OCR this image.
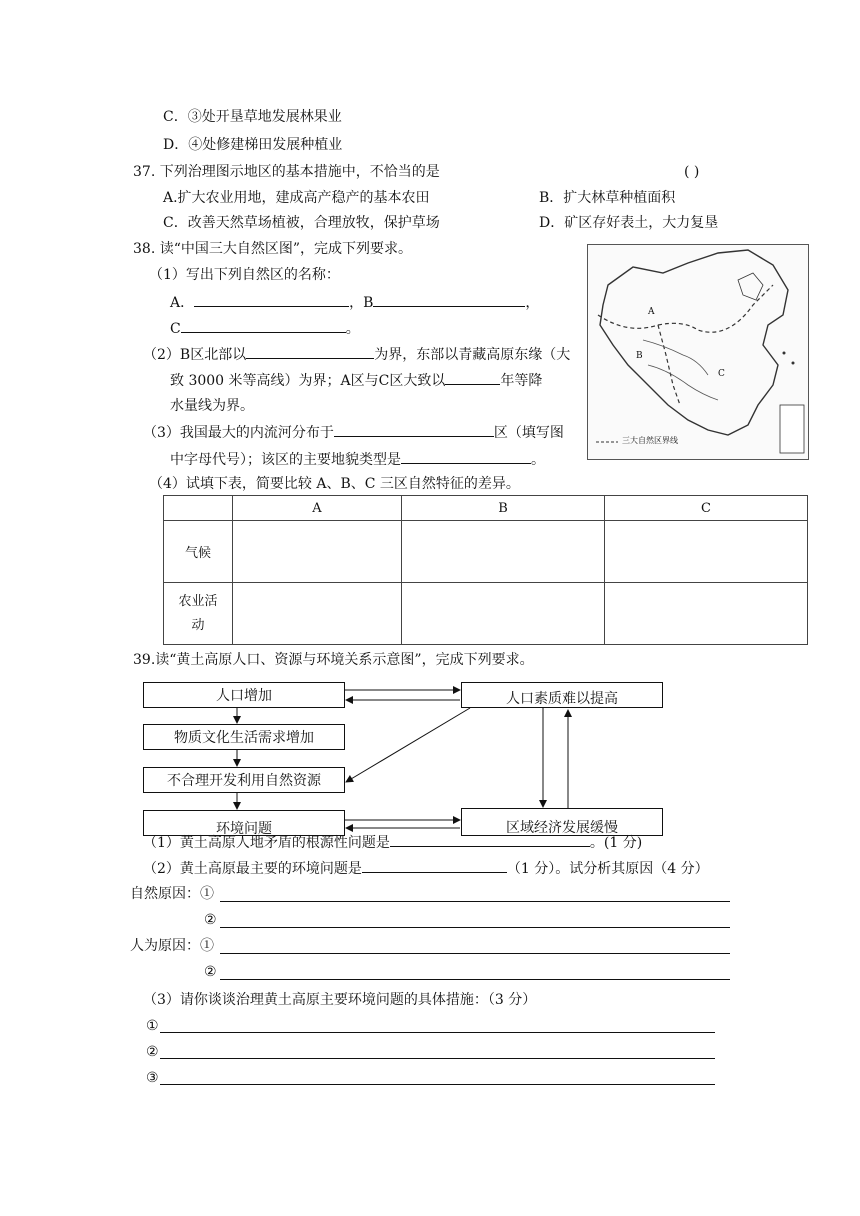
C．③处开垦草地发展林果业
D．④处修建梯田发展种植业
37. 下列治理图示地区的基本措施中，不恰当的是	( )
A.扩大农业用地，建成高产稳产的基本农田	B．扩大林草种植面积
C．改善天然草场植被，合理放牧，保护草场	D．矿区存好表土，大力复垦
38. 读“中国三大自然区图”，完成下列要求。
（1）写出下列自然区的名称：
A．	，B	，
C	。
（2）B区北部以	为界，东部以青藏高原东缘（大
致 3000 米等高线）为界；A区与C区大致以	年等降
水量线为界。
（3）我国最大的内流河分布于	区（填写图
中字母代号）；该区的主要地貌类型是	。
A
B
C
三大自然区界线
（4）试填下表，简要比较 A、B、C 三区自然特征的差异。
	A	B	C
气候			
农业活动			
39.读“黄土高原人口、资源与环境关系示意图”，完成下列要求。
人口增加
物质文化生活需求增加
不合理开发利用自然资源
环境问题
人口素质难以提高
区域经济发展缓慢
（1）黄土高原人地矛盾的根源性问题是	。(1 分)
（2）黄土高原最主要的环境问题是	（1 分）。试分析其原因（4 分）
自然原因：①
②
人为原因：①
②
（3）请你谈谈治理黄土高原主要环境问题的具体措施：（3 分）
①
②
③
